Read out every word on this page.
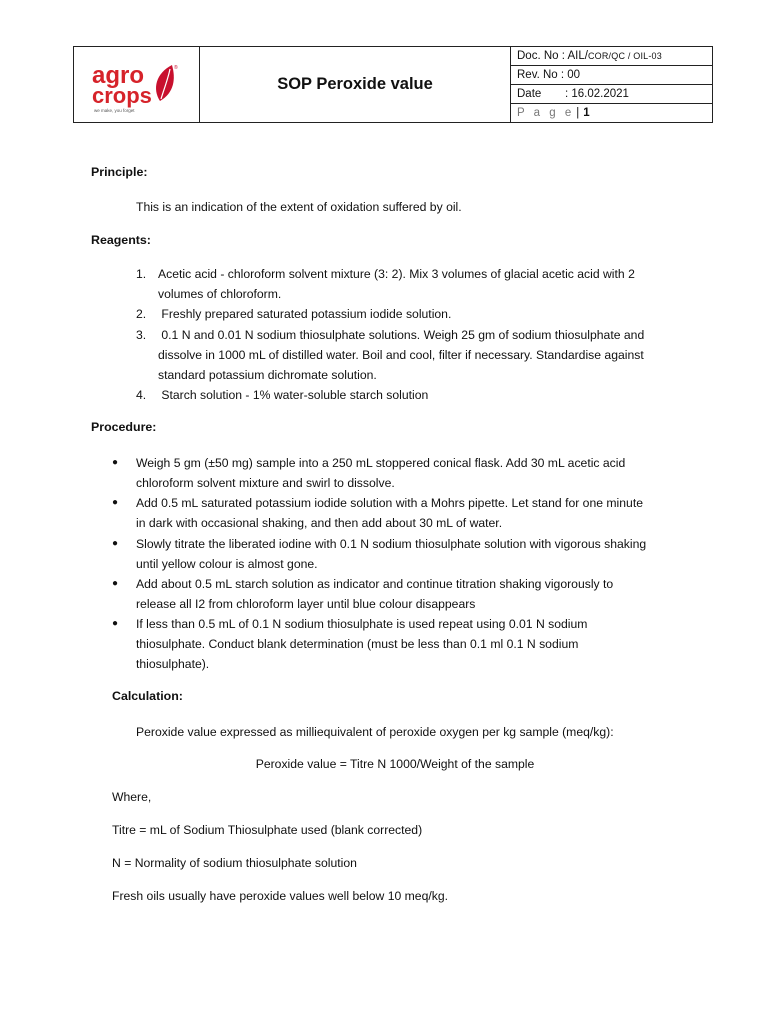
agro
crops
®
we make, you forget
SOP Peroxide value
Doc. No : AIL/ COR/QC / OIL-03
Rev. No : 00
Date	: 16.02.2021
P a g e | 1
Principle:
This is an indication of the extent of oxidation suffered by oil.
Reagents:
1. Acetic acid - chloroform solvent mixture (3: 2). Mix 3 volumes of glacial acetic acid with 2
volumes of chloroform.
2. Freshly prepared saturated potassium iodide solution.
3. 0.1 N and 0.01 N sodium thiosulphate solutions. Weigh 25 gm of sodium thiosulphate and
dissolve in 1000 mL of distilled water. Boil and cool, filter if necessary. Standardise against
standard potassium dichromate solution.
4. Starch solution - 1% water-soluble starch solution
Procedure:
● Weigh 5 gm (±50 mg) sample into a 250 mL stoppered conical flask. Add 30 mL acetic acid
chloroform solvent mixture and swirl to dissolve.
● Add 0.5 mL saturated potassium iodide solution with a Mohrs pipette. Let stand for one minute
in dark with occasional shaking, and then add about 30 mL of water.
● Slowly titrate the liberated iodine with 0.1 N sodium thiosulphate solution with vigorous shaking
until yellow colour is almost gone.
● Add about 0.5 mL starch solution as indicator and continue titration shaking vigorously to
release all I2 from chloroform layer until blue colour disappears
● If less than 0.5 mL of 0.1 N sodium thiosulphate is used repeat using 0.01 N sodium
thiosulphate. Conduct blank determination (must be less than 0.1 ml 0.1 N sodium
thiosulphate).
Calculation:
Peroxide value expressed as milliequivalent of peroxide oxygen per kg sample (meq/kg):
Peroxide value = Titre N 1000/Weight of the sample
Where,
Titre = mL of Sodium Thiosulphate used (blank corrected)
N = Normality of sodium thiosulphate solution
Fresh oils usually have peroxide values well below 10 meq/kg.
